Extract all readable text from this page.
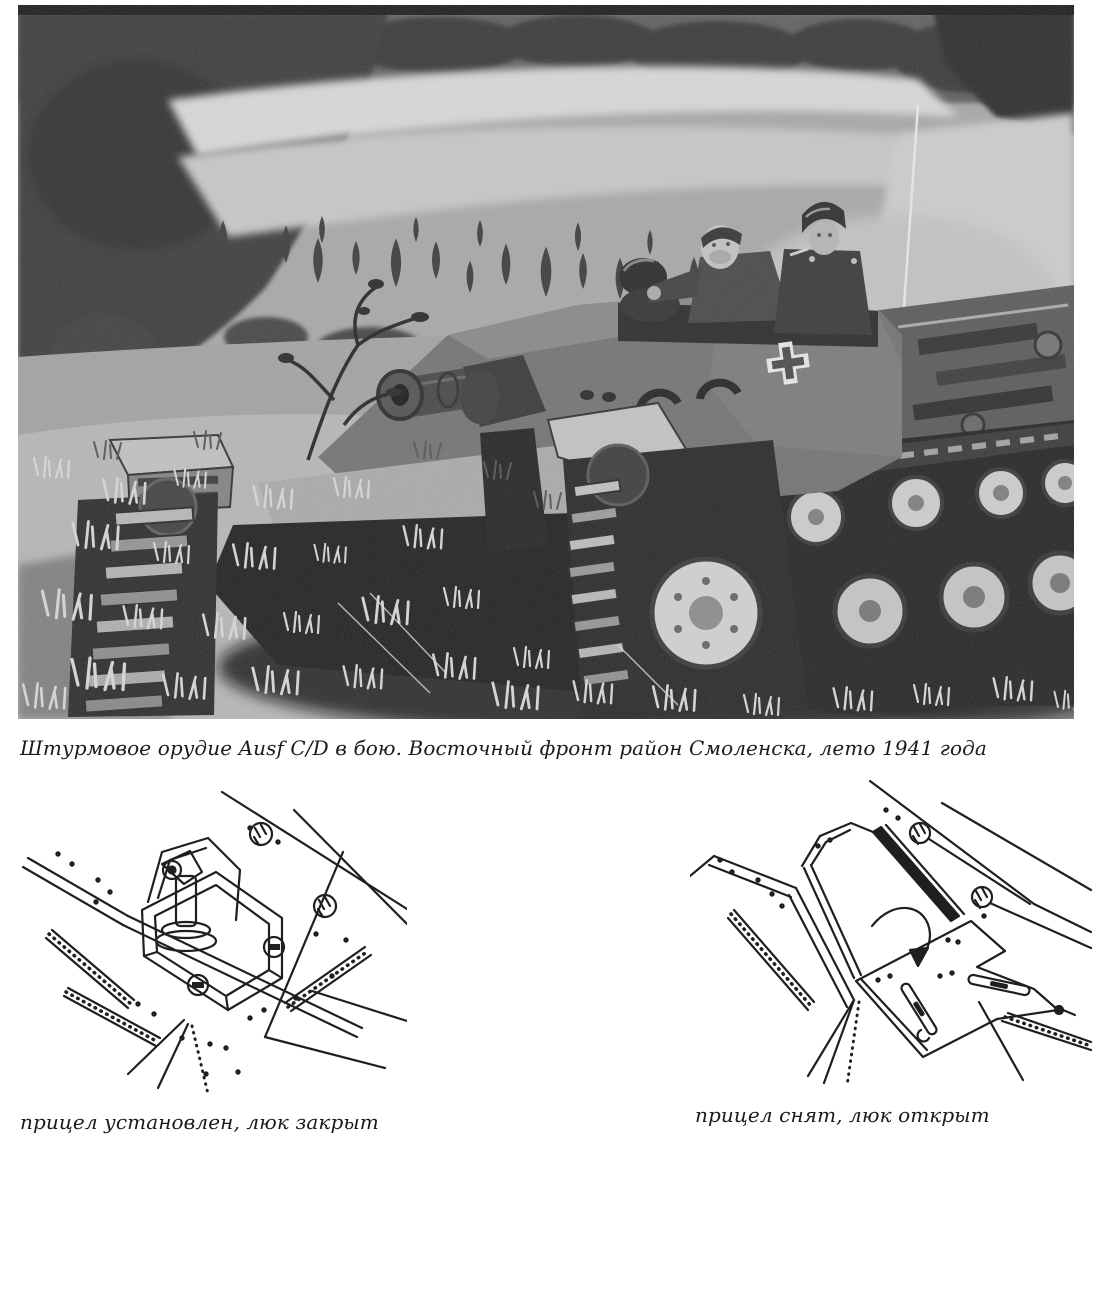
Штурмовое орудие Ausf C/D в бою. Восточный фронт район Смоленска, лето 1941 года
прицел установлен, люк закрыт	прицел снят, люк открыт
